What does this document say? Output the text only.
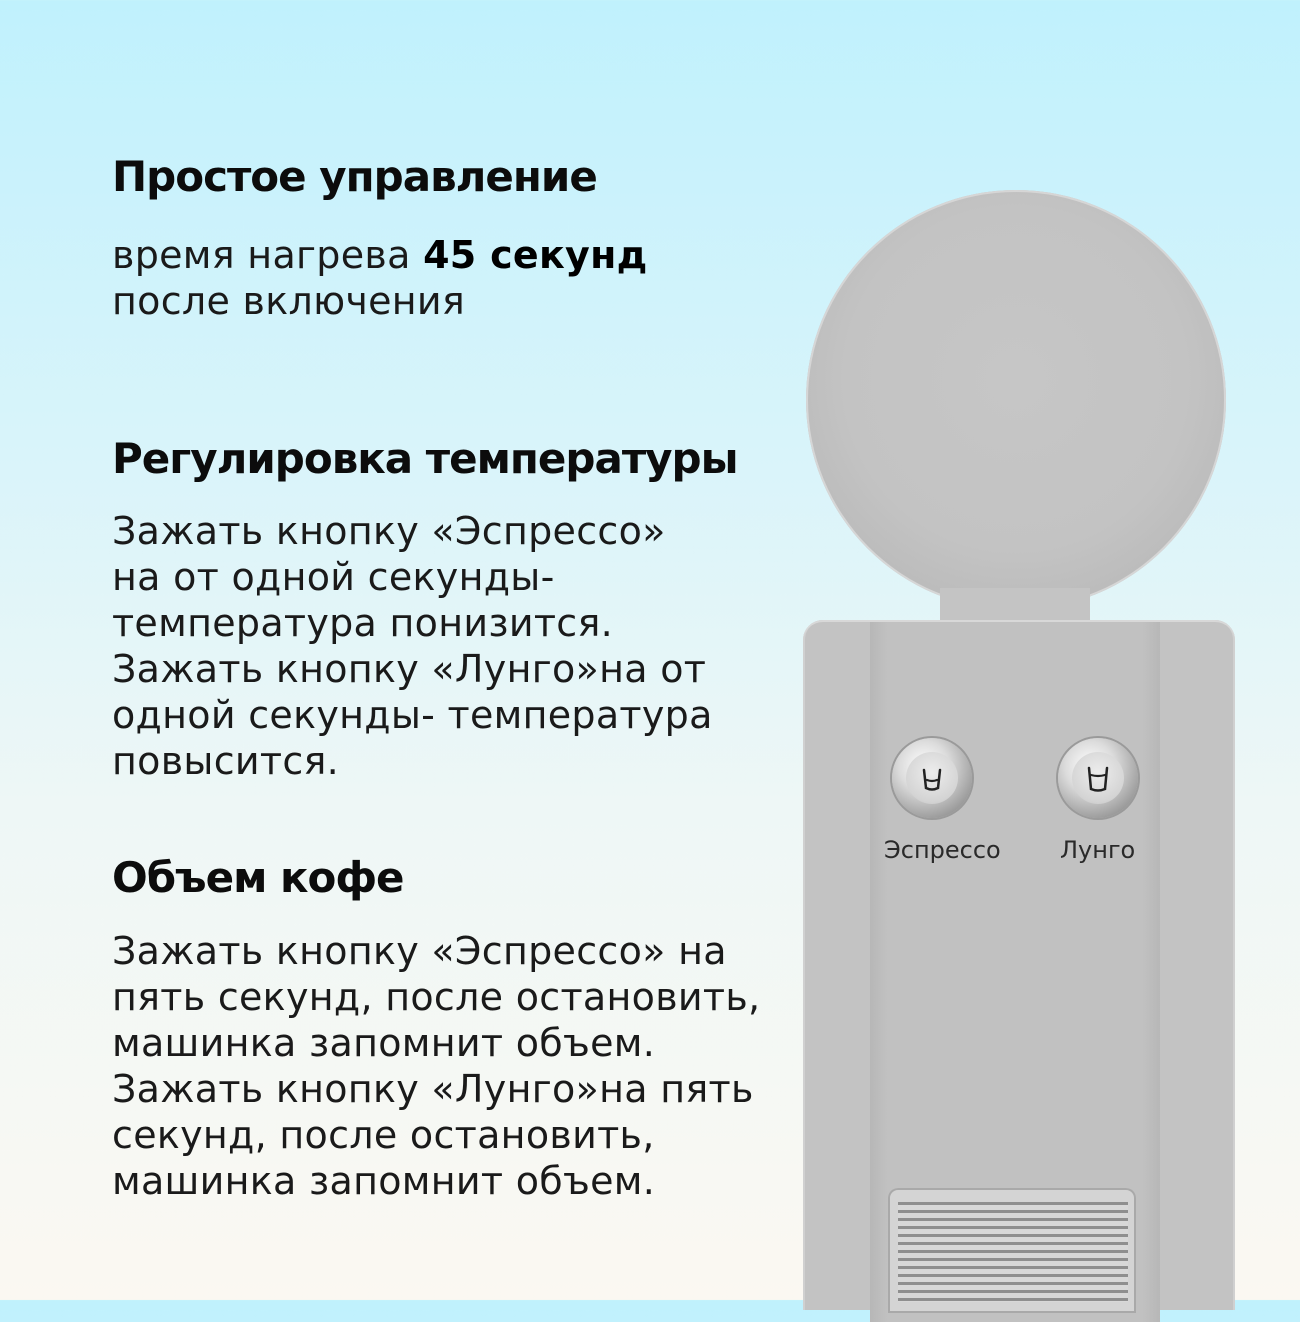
Простое управление
время нагрева 45 секунд
после включения
Регулировка температуры
Зажать кнопку «Эспрессо»
на от одной секунды-
температура понизится.
Зажать кнопку «Лунго»на от
одной секунды- температура
повысится.
Объем кофе
Зажать кнопку «Эспрессо» на
пять секунд, после остановить,
машинка запомнит объем.
Зажать кнопку «Лунго»на пять
секунд, после остановить,
машинка запомнит объем.
Эспрессо Лунго
